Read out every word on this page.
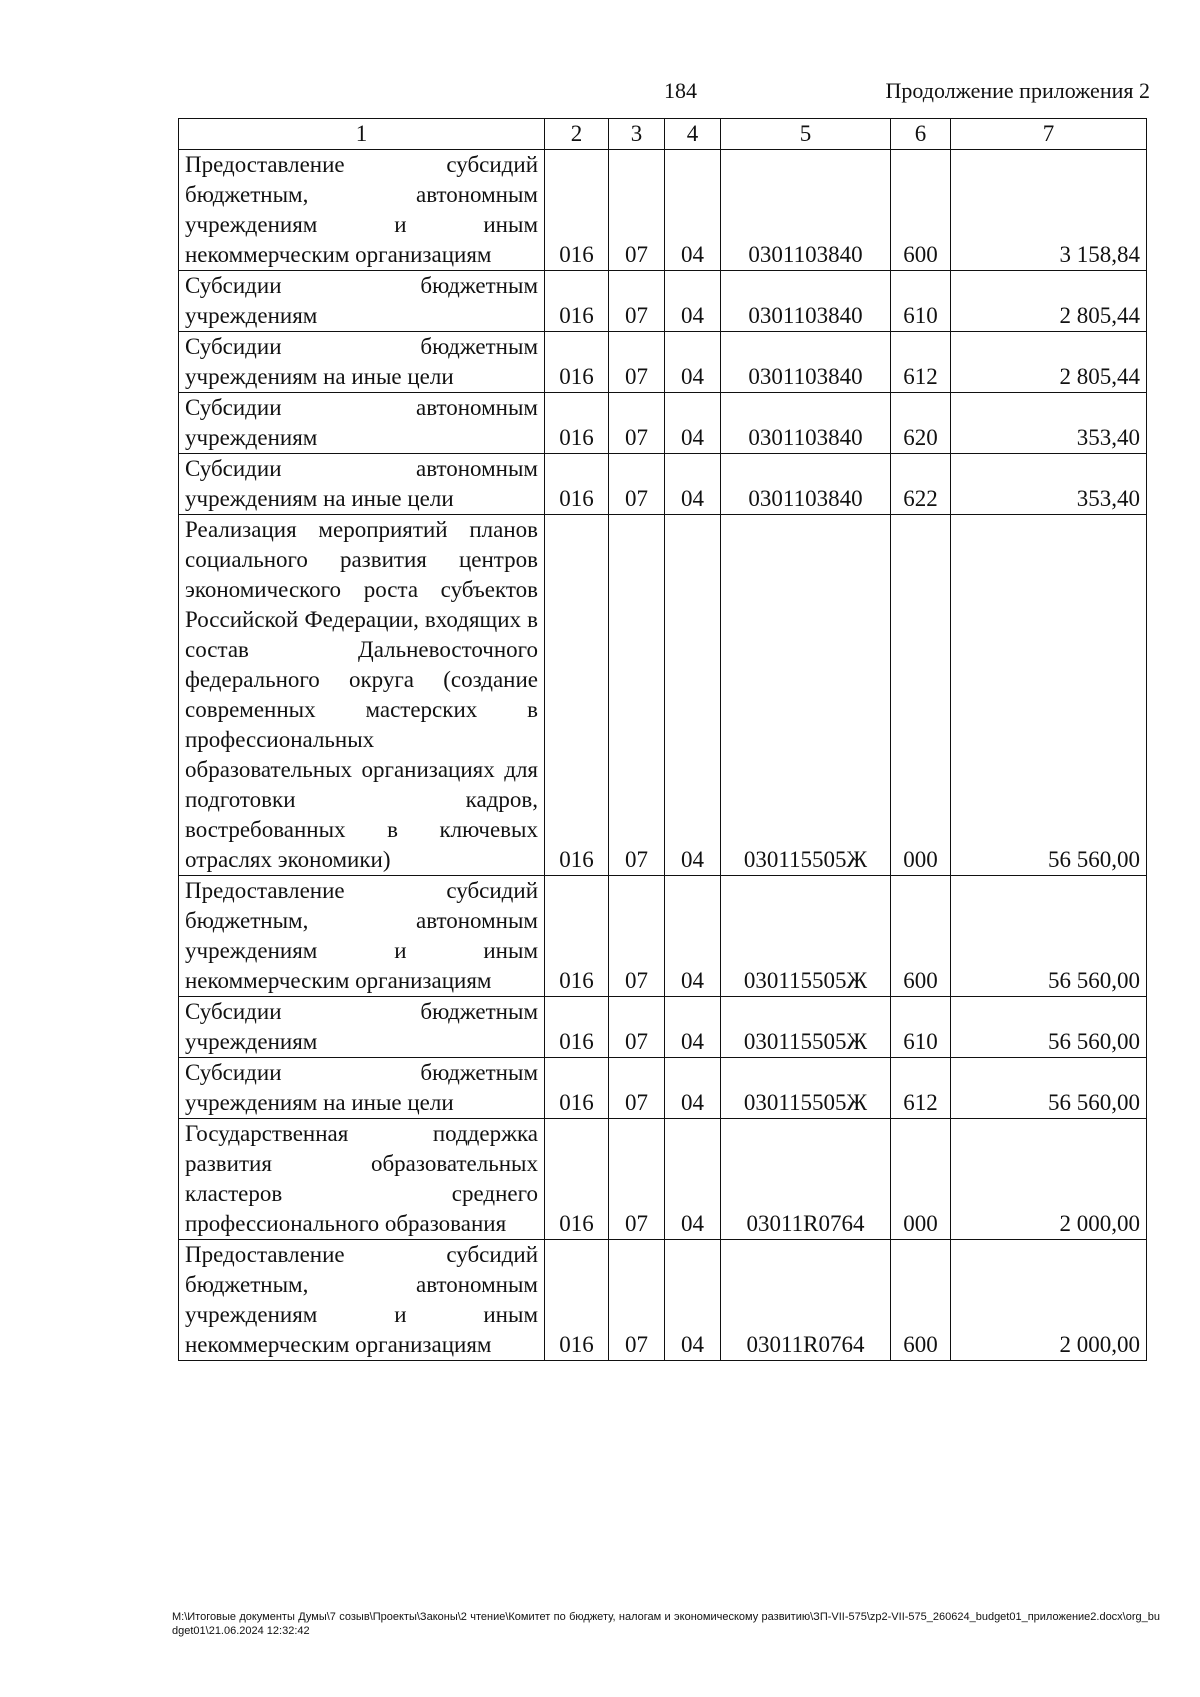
184	Продолжение приложения 2
1	2	3	4	5	6	7
Предоставление субсидий бюджетным, автономным учреждениям и иным некоммерческим организациям	016	07	04	0301103840	600	3 158,84
Субсидии бюджетным учреждениям	016	07	04	0301103840	610	2 805,44
Субсидии бюджетным учреждениям на иные цели	016	07	04	0301103840	612	2 805,44
Субсидии автономным учреждениям	016	07	04	0301103840	620	353,40
Субсидии автономным учреждениям на иные цели	016	07	04	0301103840	622	353,40
Реализация мероприятий планов социального развития центров экономического роста субъектов Российской Федерации, входящих в состав Дальневосточного федерального округа (создание современных мастерских в профессиональных образовательных организациях для подготовки кадров, востребованных в ключевых отраслях экономики)	016	07	04	030115505Ж	000	56 560,00
Предоставление субсидий бюджетным, автономным учреждениям и иным некоммерческим организациям	016	07	04	030115505Ж	600	56 560,00
Субсидии бюджетным учреждениям	016	07	04	030115505Ж	610	56 560,00
Субсидии бюджетным учреждениям на иные цели	016	07	04	030115505Ж	612	56 560,00
Государственная поддержка развития образовательных кластеров среднего профессионального образования	016	07	04	03011R0764	000	2 000,00
Предоставление субсидий бюджетным, автономным учреждениям и иным некоммерческим организациям	016	07	04	03011R0764	600	2 000,00
M:\Итоговые документы Думы\7 созыв\Проекты\Законы\2 чтение\Комитет по бюджету, налогам и экономическому развитию\ЗП-VII-575\zp2-VII-575_260624_budget01_приложение2.docx\org_budget01\21.06.2024 12:32:42
